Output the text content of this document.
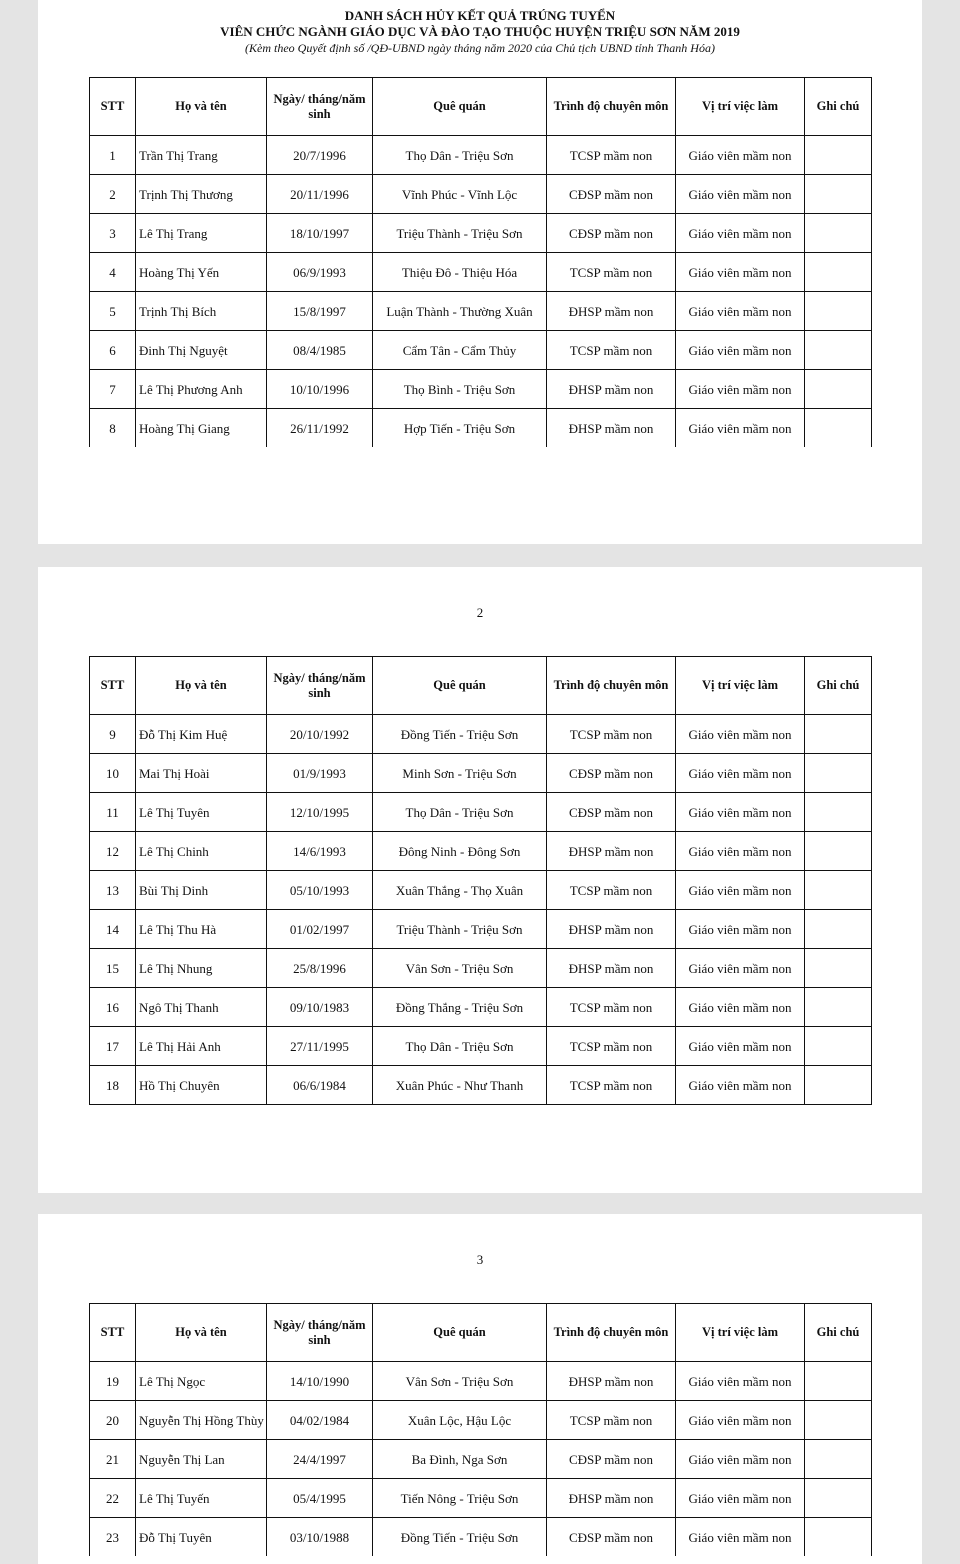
DANH SÁCH HỦY KẾT QUẢ TRÚNG TUYỂN
VIÊN CHỨC NGÀNH GIÁO DỤC VÀ ĐÀO TẠO THUỘC HUYỆN TRIỆU SƠN NĂM 2019
(Kèm theo Quyết định số /QĐ-UBND ngày tháng năm 2020 của Chủ tịch UBND tỉnh Thanh Hóa)
STT	Họ và tên	Ngày/ tháng/năm sinh	Quê quán	Trình độ chuyên môn	Vị trí việc làm	Ghi chú
1	Trần Thị Trang	20/7/1996	Thọ Dân - Triệu Sơn	TCSP mầm non	Giáo viên mầm non	
2	Trịnh Thị Thương	20/11/1996	Vĩnh Phúc - Vĩnh Lộc	CĐSP mầm non	Giáo viên mầm non	
3	Lê Thị Trang	18/10/1997	Triệu Thành - Triệu Sơn	CĐSP mầm non	Giáo viên mầm non	
4	Hoàng Thị Yến	06/9/1993	Thiệu Đô - Thiệu Hóa	TCSP mầm non	Giáo viên mầm non	
5	Trịnh Thị Bích	15/8/1997	Luận Thành - Thường Xuân	ĐHSP mầm non	Giáo viên mầm non	
6	Đinh Thị Nguyệt	08/4/1985	Cẩm Tân - Cẩm Thủy	TCSP mầm non	Giáo viên mầm non	
7	Lê Thị Phương Anh	10/10/1996	Thọ Bình - Triệu Sơn	ĐHSP mầm non	Giáo viên mầm non	
8	Hoàng Thị Giang	26/11/1992	Hợp Tiến - Triệu Sơn	ĐHSP mầm non	Giáo viên mầm non	
2
STT	Họ và tên	Ngày/ tháng/năm sinh	Quê quán	Trình độ chuyên môn	Vị trí việc làm	Ghi chú
9	Đỗ Thị Kim Huệ	20/10/1992	Đồng Tiến - Triệu Sơn	TCSP mầm non	Giáo viên mầm non	
10	Mai Thị Hoài	01/9/1993	Minh Sơn - Triệu Sơn	CĐSP mầm non	Giáo viên mầm non	
11	Lê Thị Tuyên	12/10/1995	Thọ Dân - Triệu Sơn	CĐSP mầm non	Giáo viên mầm non	
12	Lê Thị Chinh	14/6/1993	Đông Ninh - Đông Sơn	ĐHSP mầm non	Giáo viên mầm non	
13	Bùi Thị Dinh	05/10/1993	Xuân Thắng - Thọ Xuân	TCSP mầm non	Giáo viên mầm non	
14	Lê Thị Thu Hà	01/02/1997	Triệu Thành - Triệu Sơn	ĐHSP mầm non	Giáo viên mầm non	
15	Lê Thị Nhung	25/8/1996	Vân Sơn - Triệu Sơn	ĐHSP mầm non	Giáo viên mầm non	
16	Ngô Thị Thanh	09/10/1983	Đồng Thắng - Triệu Sơn	TCSP mầm non	Giáo viên mầm non	
17	Lê Thị Hải Anh	27/11/1995	Thọ Dân - Triệu Sơn	TCSP mầm non	Giáo viên mầm non	
18	Hồ Thị Chuyên	06/6/1984	Xuân Phúc - Như Thanh	TCSP mầm non	Giáo viên mầm non	
3
STT	Họ và tên	Ngày/ tháng/năm sinh	Quê quán	Trình độ chuyên môn	Vị trí việc làm	Ghi chú
19	Lê Thị Ngọc	14/10/1990	Vân Sơn - Triệu Sơn	ĐHSP mầm non	Giáo viên mầm non	
20	Nguyễn Thị Hồng Thùy	04/02/1984	Xuân Lộc, Hậu Lộc	TCSP mầm non	Giáo viên mầm non	
21	Nguyễn Thị Lan	24/4/1997	Ba Đình, Nga Sơn	CĐSP mầm non	Giáo viên mầm non	
22	Lê Thị Tuyến	05/4/1995	Tiến Nông - Triệu Sơn	ĐHSP mầm non	Giáo viên mầm non	
23	Đỗ Thị Tuyên	03/10/1988	Đồng Tiến - Triệu Sơn	CĐSP mầm non	Giáo viên mầm non	
